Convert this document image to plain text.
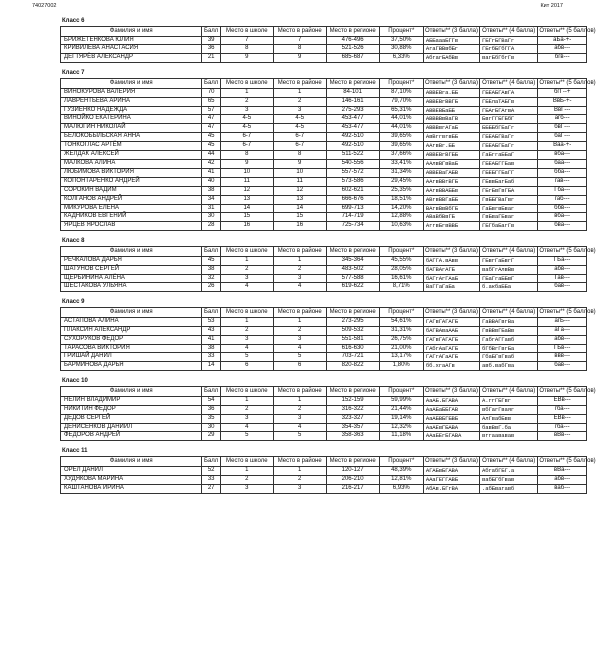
74027002	Кит 2017
Класс 6
Фамилия и имя	Балл	Место в школе	Место в районе	Место в регионе	Процент*	Ответы** (3 балла)	Ответы** (4 балла)	Ответы** (5 баллов)
БРИЖЕТЕНКОВА ЮЛИЯ	39	7	7	476-496	37,50%	АББаааБГГв	ГБГгБГВаГг	аБа-+-
КРИВИЛЕВА АНАСТАСИЯ	36	8	8	521-526	30,88%	АгаГВВвбБг	ГБгбБГбГГА	абв---
ДЕГТЯРЁВ АЛЕКСАНДР	21	9	9	685-687	6,33%	АбгагБАбВв	вагБбГбгГв	бгв---
Класс 7
Фамилия и имя	Балл	Место в школе	Место в районе	Место в регионе	Процент*	Ответы** (3 балла)	Ответы** (4 балла)	Ответы** (5 баллов)
ВИНОКУРОВА ВАЛЕРИЯ	70	1	1	84-101	87,10%	АВВЕВга.ББ	ГБЕАБГАвГА	бгГ--+
ЛАВРЕНТЬЕВА АРИНА	65	2	2	146-161	79,70%	АВВЕВгВВГБ	ГБЕлаТАБГв	ВвБ-+-
ГУЗИЕНКО НАДЕЖДА	57	3	3	275-293	65,31%	АВВЕВБаББ	ГБАгБГАгвА	ВвГ---
ВИНОЙКО ЕКАТЕРИНА	47	4-5	4-5	453-477	44,01%	АВВВВвВаГВ	БвгГГБГБбГ	агб---
МАЛЮГИН НИКОЛАЙ	47	4-5	4-5	453-477	44,01%	АВВВвгАГаБ	ББББбГБаГг	бвГ---
БЕЛОКОБЫЛЬСКАЯ АННА	45	6-7	6-7	492-510	39,65%	АвВггвгвББ	ГБЕАБГВаГг	баГ---
ТОНКОГЛАС АРТЁМ	45	6-7	6-7	492-510	39,65%	ААгвВг.ББ	ГБЕАБГБаГг	Ваа-+-
ЖЕЛДАК АЛЕКСЕЙ	44	8	8	511-522	37,66%	АВВЕВгВГББ	ГаБггаББаГ	вба---
МАЛКОВА АЛИНА	42	9	9	540-556	33,41%	ААлвВГвВаБ	ГБЕАБГГБав	баа---
ЛЮБИМОВА ВИКТОРИЯ	41	10	10	557-572	31,34%	АВВЕВаГАБВ	ГБЕБГГБаГГ	бба---
КОПОНТАРЕНКО АНДРЕЙ	40	11	11	573-586	29,45%	ААгвВВгВГБ	ГБввБагБаб	гав---
СОРОКИН ВАДИМ	38	12	12	602-621	25,35%	ААгвВВАББв	ГБгБвГвГБА	Гба---
КОЛГАНОВ АНДРЕЙ	34	13	13	666-676	18,51%	АВгвВВГаББ	ГвББГВаГвг	габ---
МИКУРОВА ЕЛЕНА	31	14	14	699-713	14,20%	ВАгвВвВбГБ	ГаБвгвБваг	ббв---
КАДНИКОВ ЕВГЕНИЙ	30	15	15	714-719	12,88%	АВаВбВвГБ	ГвБваГБваг	вба---
ЯРЦЕВ ЯРОСЛАВ	28	16	16	725-734	10,63%	АггвБгвВВБ	ГБГбаБагГв	бва---
Класс 8
Фамилия и имя	Балл	Место в школе	Место в районе	Место в регионе	Процент*	Ответы** (3 балла)	Ответы** (4 балла)	Ответы** (5 баллов)
РЕЧКАЛОВА ДАРЬЯ	45	1	1	345-364	45,55%	бАГГА.вАвв	ГБвгГаБвгГ	ГБа---
ШАТУНОВ СЕРГЕЙ	38	2	2	483-502	28,05%	бАГВАгАГБ	вабГгАлвВв	абв---
ЩЕРБИНИНА АЛЁНА	32	3	3	577-588	16,61%	бАГгАгГАаБ	ГБаГгаББвГ	Гав---
ШЕСТАКОВА УЛЬЯНА	26	4	4	619-622	8,71%	ВаГГаГаБа	б.акбаББа	бав---
Класс 9
Фамилия и имя	Балл	Место в школе	Место в районе	Место в регионе	Процент*	Ответы** (3 балла)	Ответы** (4 балла)	Ответы** (5 баллов)
АСТАПОВА АЛИНА	53	1	1	273-295	54,61%	ГАГвГАГАГБ	ГаВВАГвгВа	агБ---
ПЛАКСИН АЛЕКСАНДР	43	2	2	509-532	31,31%	бАГВАваААБ	ГвВВвГБаВв	аГа---
СУХОРУКОВ ФЕДОР	41	3	3	551-581	26,75%	ГАГвГАГАГБ	ГабгАГГавб	абв---
ТАРАСОВА ВИКТОРИЯ	38	4	4	616-630	21,00%	ГАбгАаГАГБ	бГбВгГвгБа	ГБв---
ГРИШАЙ ДАНИЛ	33	5	5	703-721	13,17%	ГАГгАГаАГБ	ГбаБГвГваб	ввв---
БАРМИНОВА ДАРЬЯ	14	6	6	820-822	1,80%	бб.хгаАГв	авб.вабГва	бав---
Класс 10
Фамилия и имя	Балл	Место в школе	Место в районе	Место в регионе	Процент*	Ответы** (3 балла)	Ответы** (4 балла)	Ответы** (5 баллов)
НЕЛИН ВЛАДИМИР	54	1	1	152-159	59,99%	АаАБ.БГАВА	А.ггГБГвг	ЕВв---
НИКИТИН ФЕДОР	36	2	2	316-322	21,44%	АаАБаББГАВ	вбГагГваяг	гба---
ДЕДОВ СЕРГЕЙ	35	3	3	323-327	19,14%	АаАБВБГБВБ	АлГвабБвв	ЕВв---
ДЕНИСЕНКОВ ДАНИИЛ	30	4	4	354-357	12,32%	АаАЕвГБАВА	бавВвГ.ба	гба---
ФЕДОРОВ АНДРЕЙ	29	5	5	358-363	11,18%	ААаБЕгБГАВА	вггаававав	вВв---
Класс 11
Фамилия и имя	Балл	Место в школе	Место в районе	Место в регионе	Процент*	Ответы** (3 балла)	Ответы** (4 балла)	Ответы** (5 баллов)
ОРЕЛ ДАНИЛ	52	1	1	120-127	48,39%	АГАБвБГАВА	АбгабГБГ.а	вВа---
ХУДЯКОВА МАРИНА	33	2	2	206-210	12,81%	ААаГЕГГАВБ	вабБГбГвав	абв---
КАШТАНОВА ИРИНА	27	3	3	216-217	6,93%	АбАв.БГгВА	.абБвагавб	ваб---
